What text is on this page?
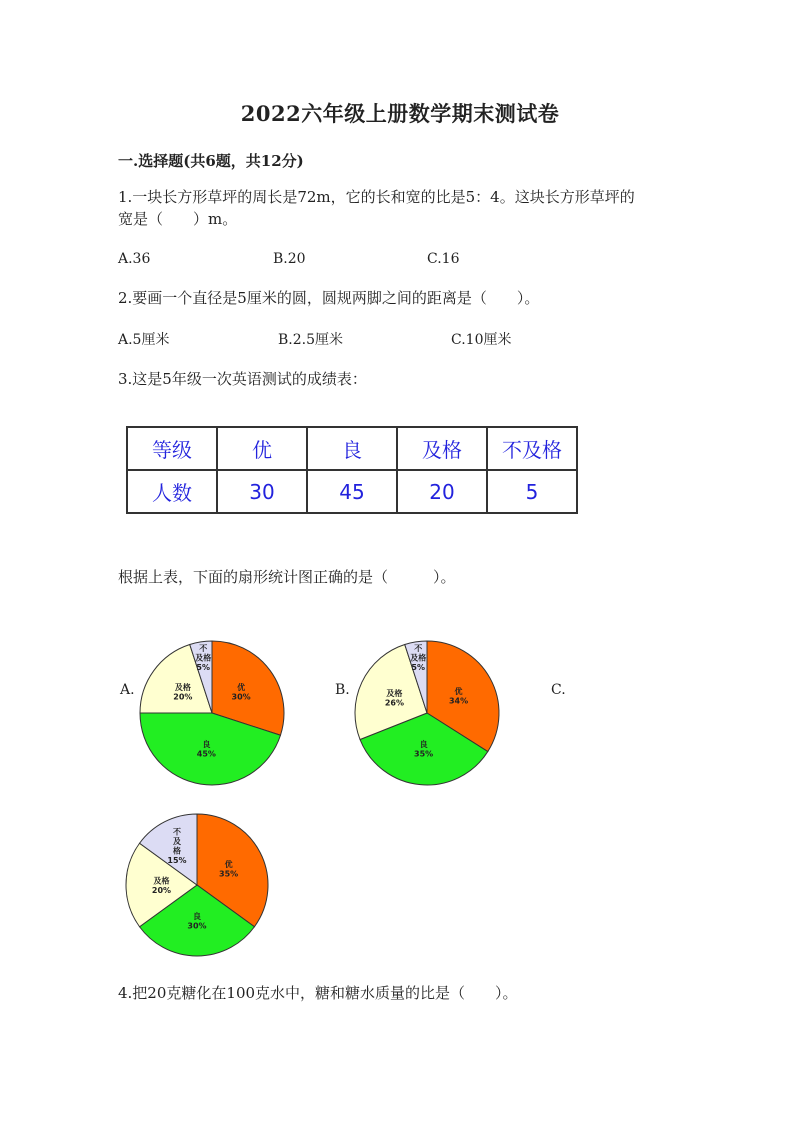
2022六年级上册数学期末测试卷
一.选择题(共6题，共12分)
1.一块长方形草坪的周长是72m，它的长和宽的比是5：4。这块长方形草坪的
宽是（　　）m。
A.36	B.20	C.16
2.要画一个直径是5厘米的圆，圆规两脚之间的距离是（　　）。
A.5厘米	B.2.5厘米	C.10厘米
3.这是5年级一次英语测试的成绩表：
等级	优	良	及格	不及格
人数	30	45	20	5
根据上表，下面的扇形统计图正确的是（　　　）。
A.	B.	C.
优 30%
良 45%
及格 20%
不及格 5%
优 34%
良 35%
及格 26%
不及格 5%
优 35%
良 30%
及格 20%
不及格 15%
4.把20克糖化在100克水中，糖和糖水质量的比是（　　）。
